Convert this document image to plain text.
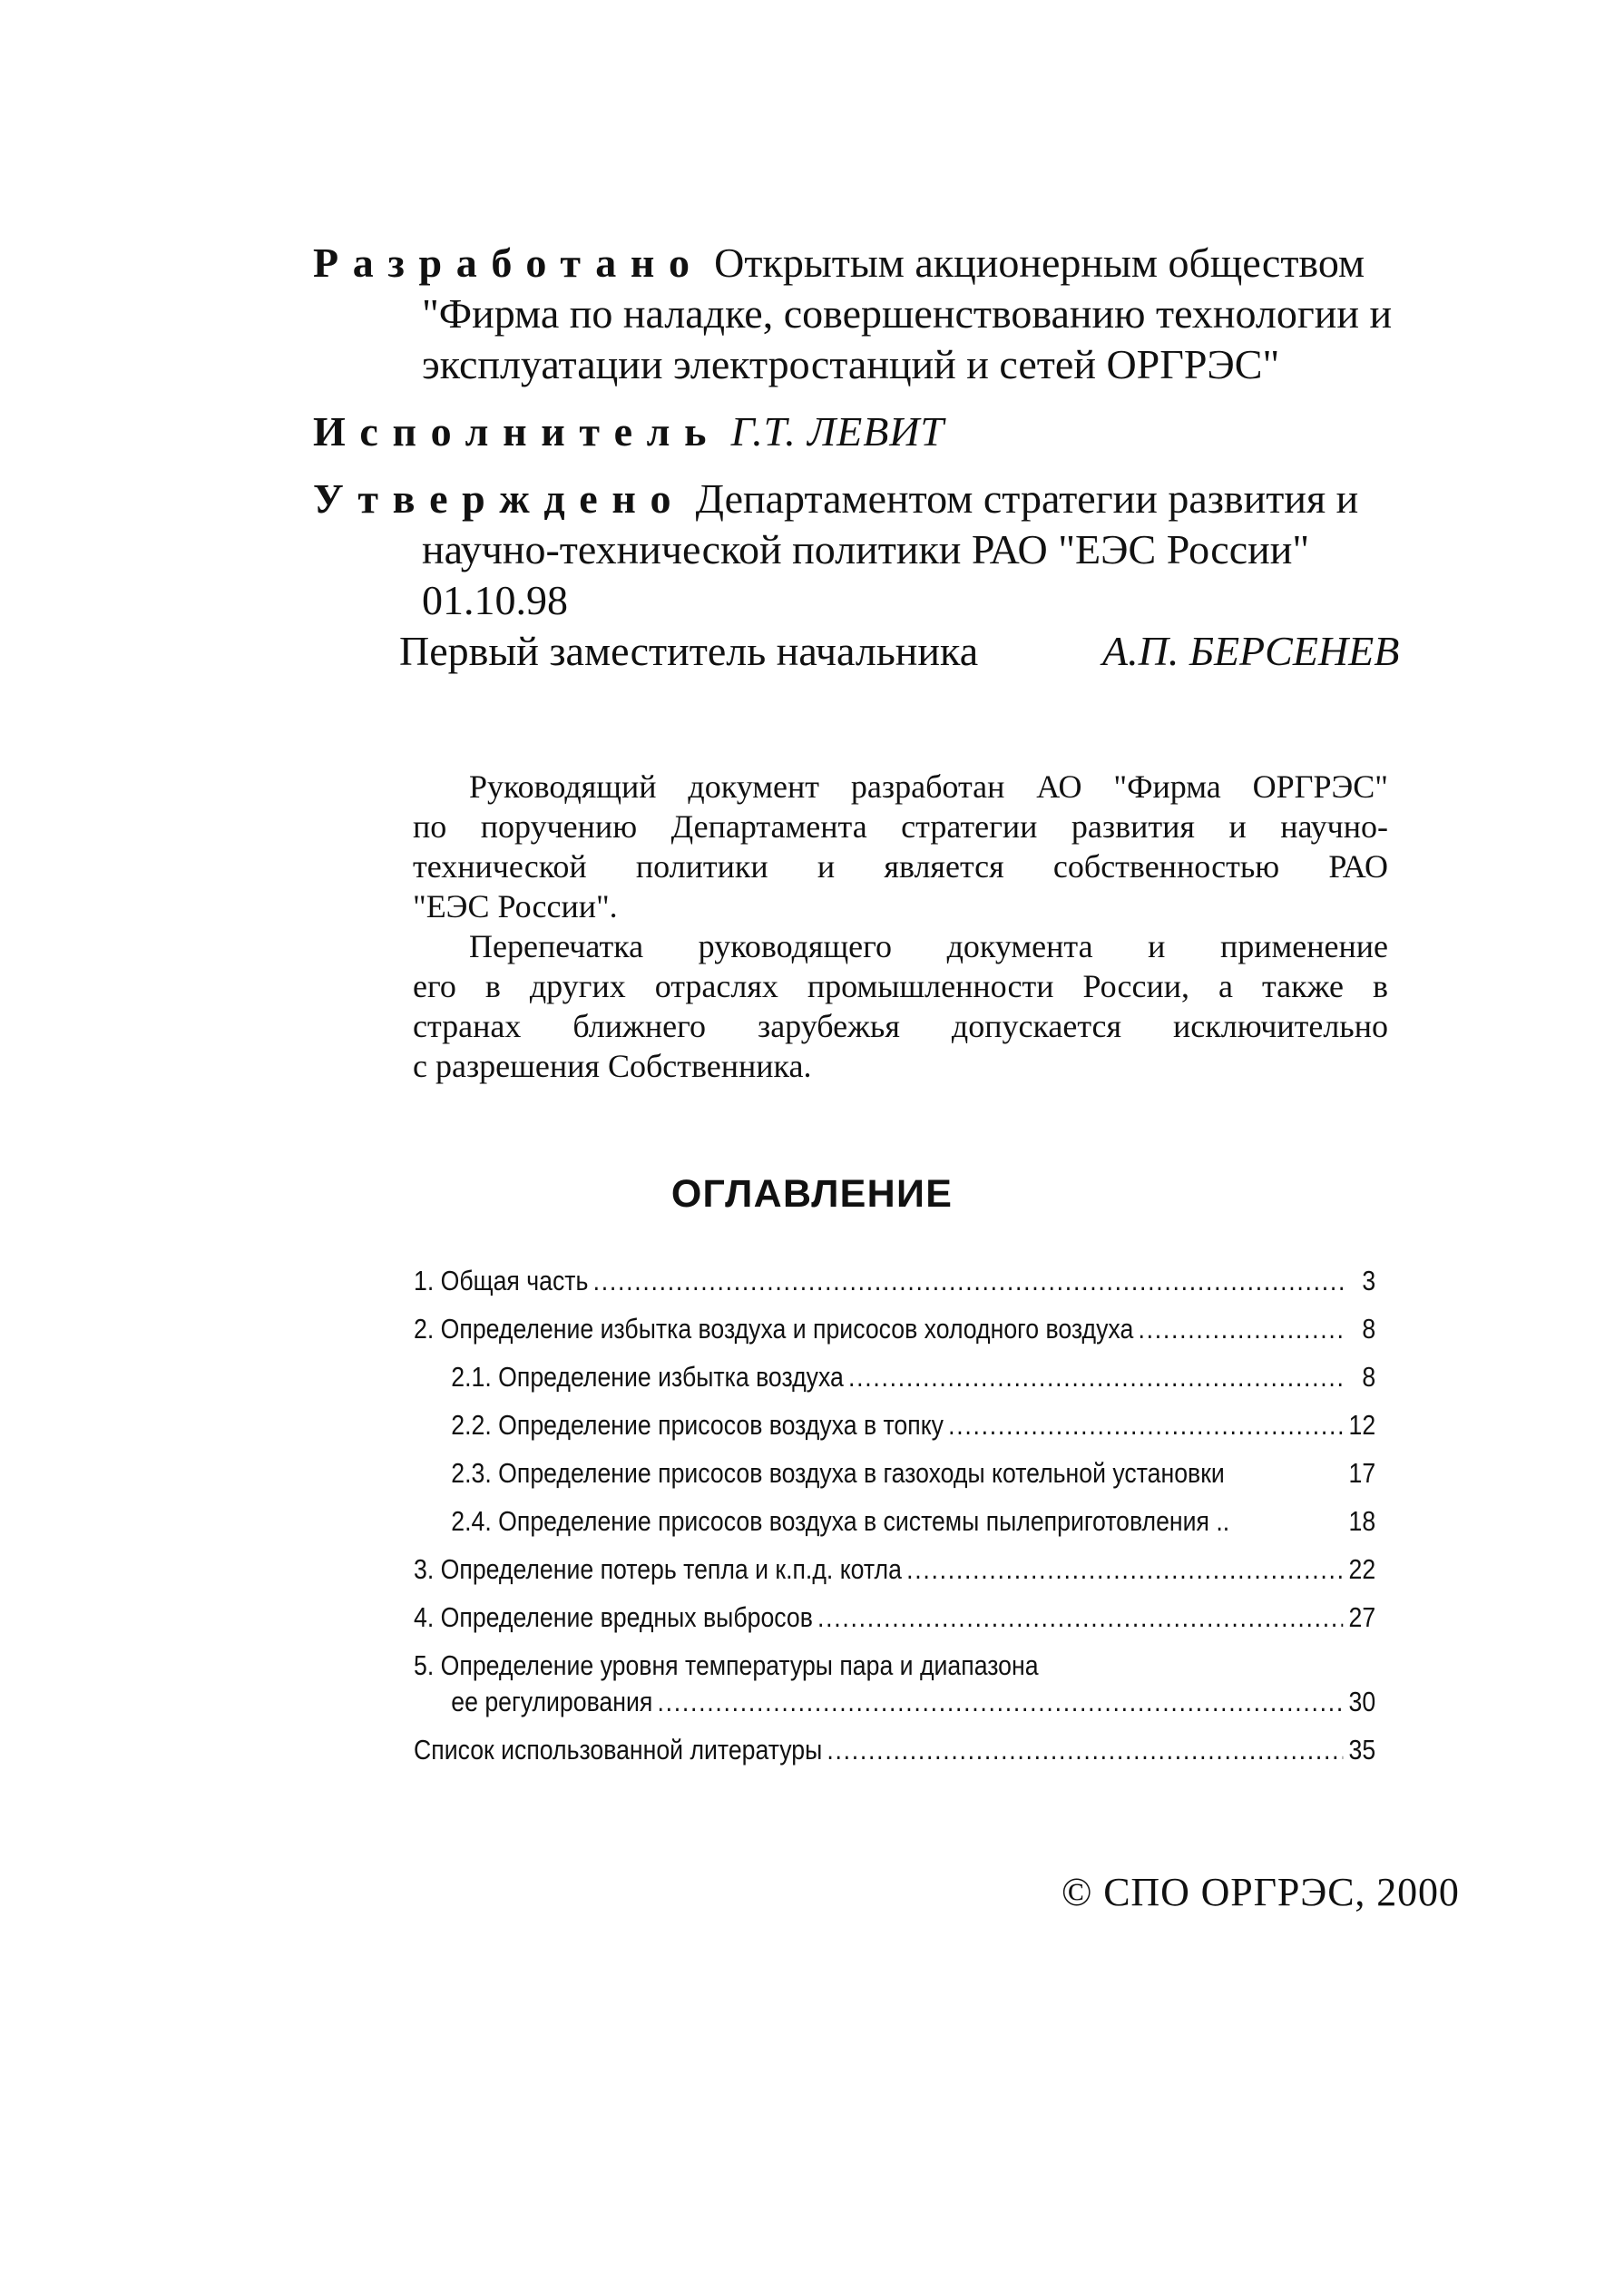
Разработано Открытым акционерным обществом
"Фирма по наладке, совершенствованию технологии и
эксплуатации электростанций и сетей ОРГРЭС"
Исполнитель Г.Т. ЛЕВИТ
Утверждено Департаментом стратегии развития и
научно-технической политики РАО "ЕЭС России"
01.10.98
Первый заместитель начальника	А.П. БЕРСЕНЕВ
Руководящий документ разработан АО "Фирма ОРГРЭС"
по поручению Департамента стратегии развития и научно-
технической политики и является собственностью РАО
"ЕЭС России".
Перепечатка руководящего документа и применение
его в других отраслях промышленности России, а также в
странах ближнего зарубежья допускается исключительно
с разрешения Собственника.
ОГЛАВЛЕНИЕ
1. Общая часть .....	3
2. Определение избытка воздуха и присосов холодного воздуха .....	8
2.1. Определение избытка воздуха .....	8
2.2. Определение присосов воздуха в топку .....	12
2.3. Определение присосов воздуха в газоходы котельной установки	17
2.4. Определение присосов воздуха в системы пылеприготовления ..	18
3. Определение потерь тепла и к.п.д. котла .....	22
4. Определение вредных выбросов .....	27
5. Определение уровня температуры пара и диапазона
ее регулирования .....	30
Список использованной литературы .....	35
© СПО ОРГРЭС, 2000
